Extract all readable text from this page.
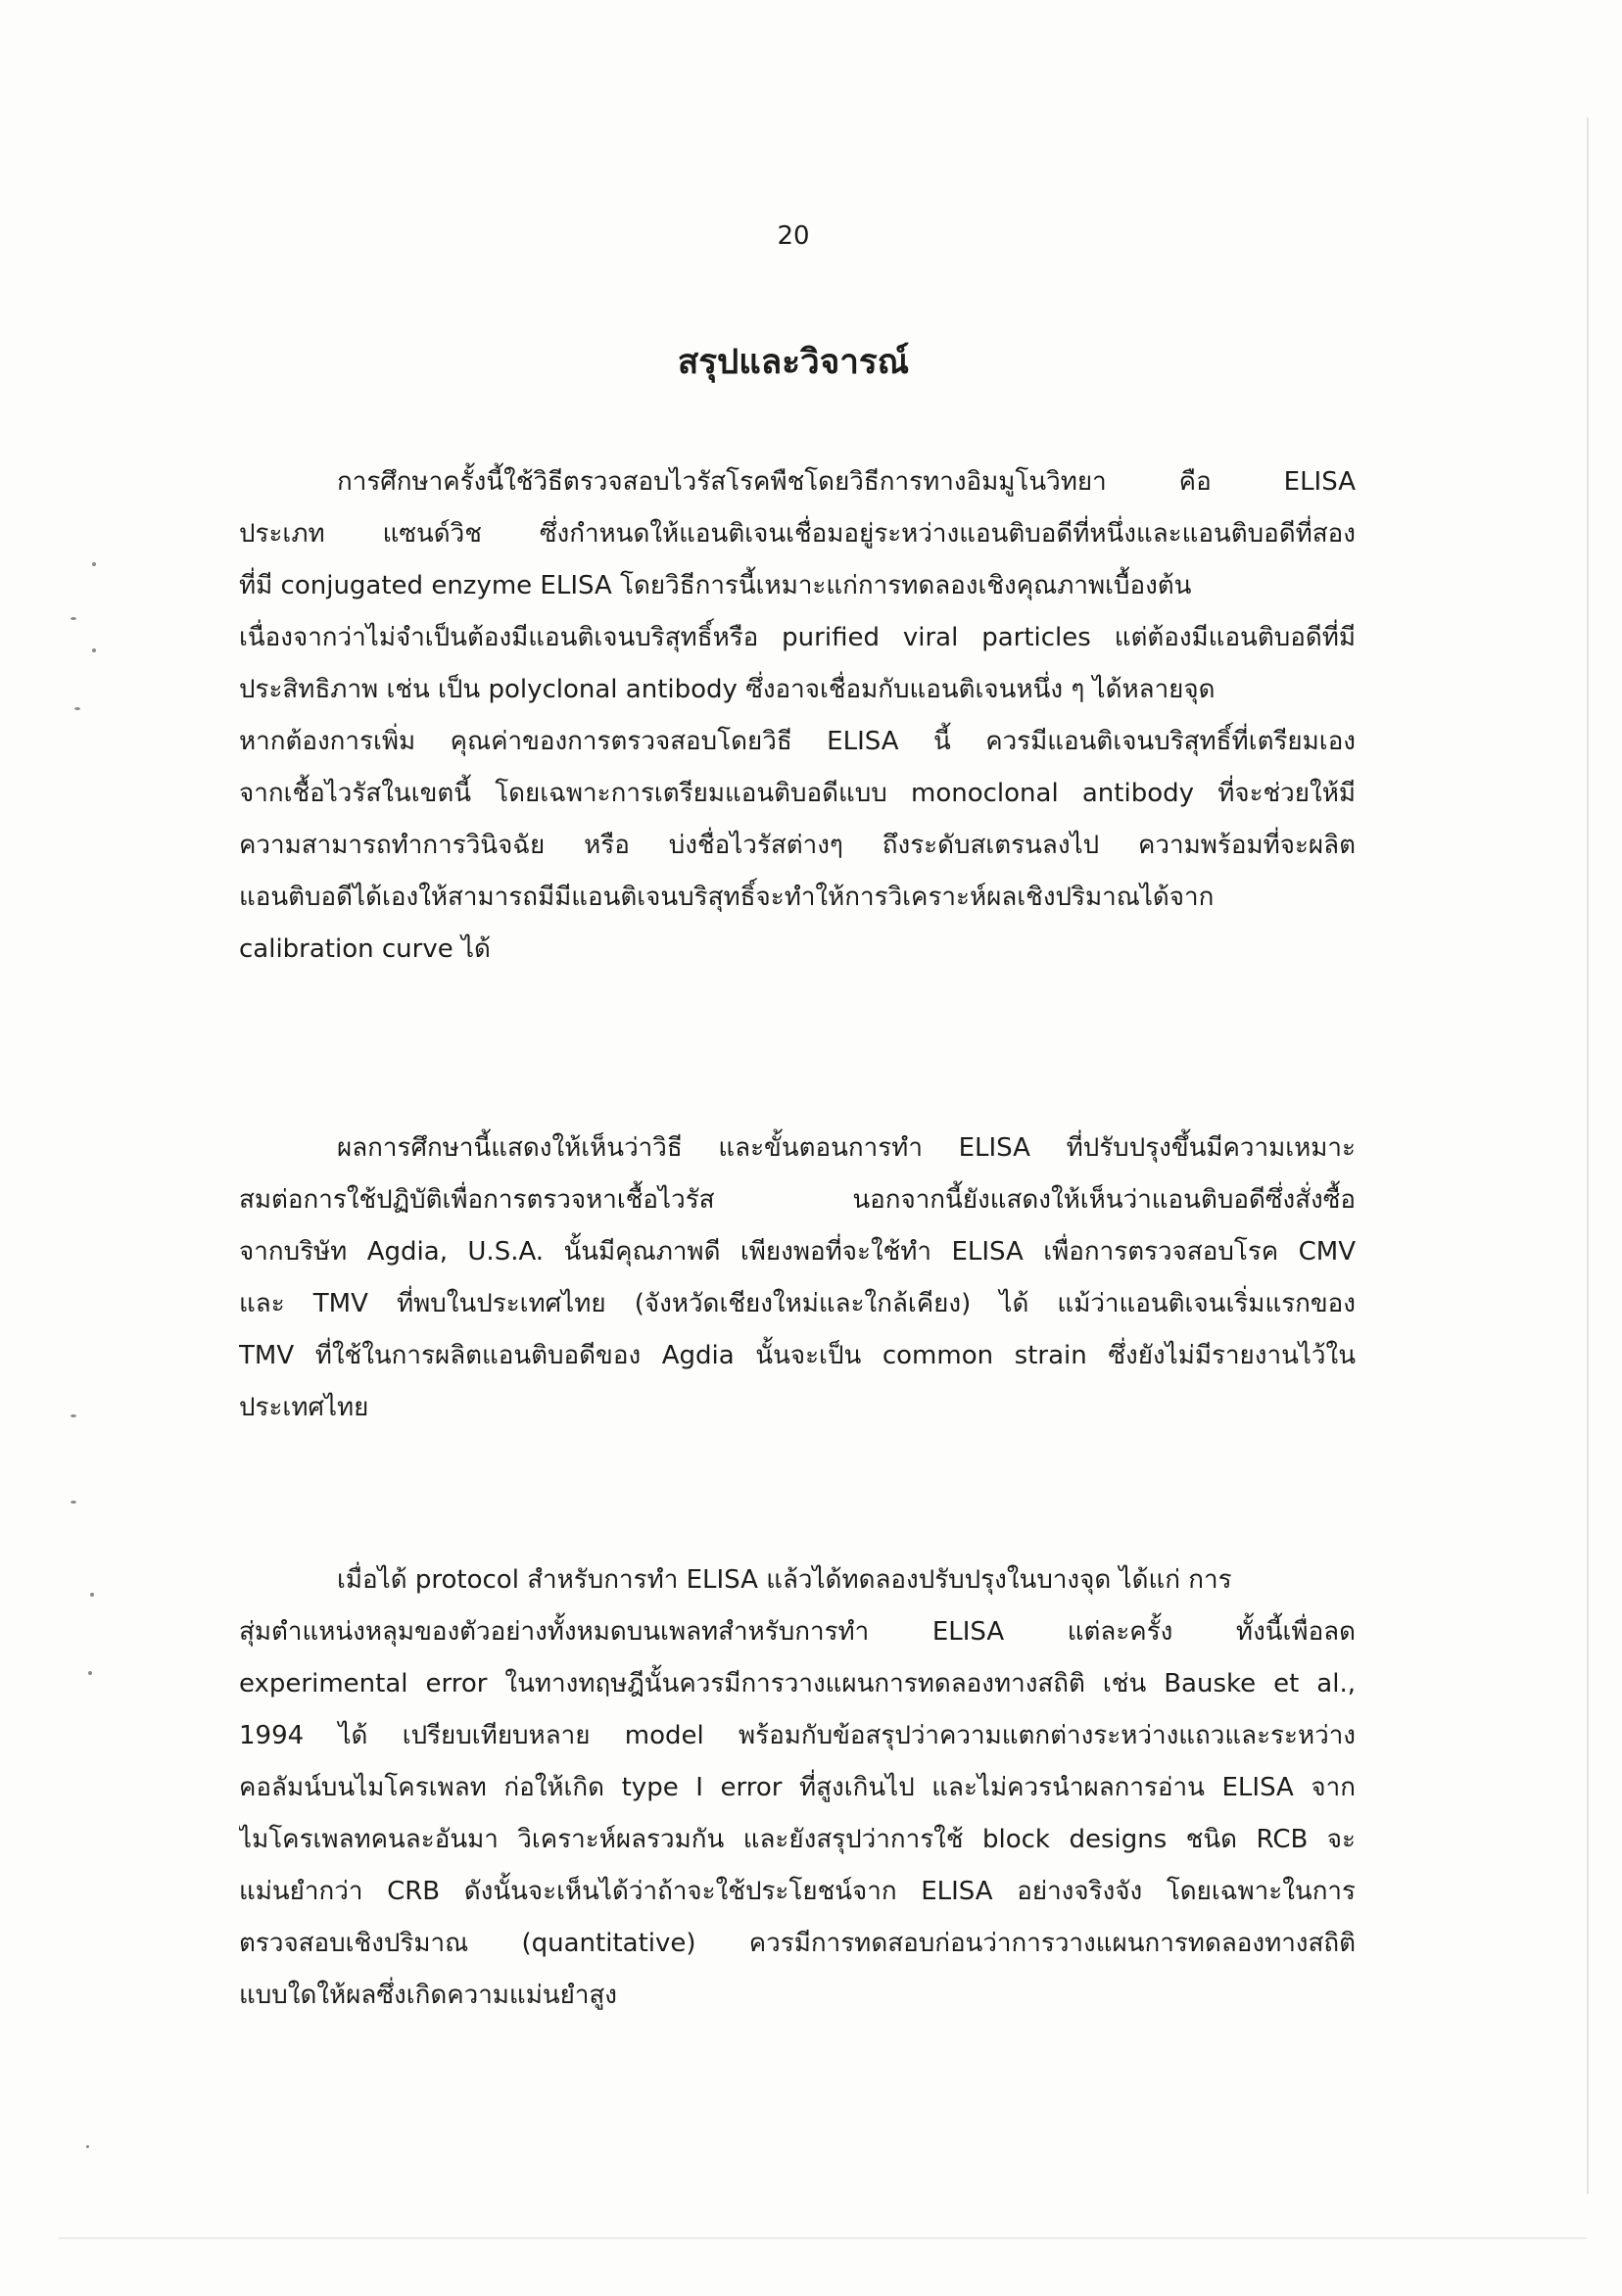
20
สรุปและวิจารณ์
การศึกษาครั้งนี้ใช้วิธีตรวจสอบไวรัสโรคพืชโดยวิธีการทางอิมมูโนวิทยา คือ ELISA
ประเภท แซนด์วิช ซึ่งกำหนดให้แอนติเจนเชื่อมอยู่ระหว่างแอนติบอดีที่หนึ่งและแอนติบอดีที่สอง
ที่มี conjugated enzyme ELISA โดยวิธีการนี้เหมาะแก่การทดลองเชิงคุณภาพเบื้องต้น
เนื่องจากว่าไม่จำเป็นต้องมีแอนติเจนบริสุทธิ์หรือ purified viral particles แต่ต้องมีแอนติบอดีที่มี
ประสิทธิภาพ เช่น เป็น polyclonal antibody ซึ่งอาจเชื่อมกับแอนติเจนหนึ่ง ๆ ได้หลายจุด
หากต้องการเพิ่ม คุณค่าของการตรวจสอบโดยวิธี ELISA นี้ ควรมีแอนติเจนบริสุทธิ์ที่เตรียมเอง
จากเชื้อไวรัสในเขตนี้ โดยเฉพาะการเตรียมแอนติบอดีแบบ monoclonal antibody ที่จะช่วยให้มี
ความสามารถทำการวินิจฉัย หรือ บ่งชื่อไวรัสต่างๆ ถึงระดับสเตรนลงไป ความพร้อมที่จะผลิต
แอนติบอดีได้เองให้สามารถมีมีแอนติเจนบริสุทธิ์จะทำให้การวิเคราะห์ผลเชิงปริมาณได้จาก
calibration curve ได้
ผลการศึกษานี้แสดงให้เห็นว่าวิธี และขั้นตอนการทำ ELISA ที่ปรับปรุงขึ้นมีความเหมาะ
สมต่อการใช้ปฏิบัติเพื่อการตรวจหาเชื้อไวรัส นอกจากนี้ยังแสดงให้เห็นว่าแอนติบอดีซึ่งสั่งซื้อ
จากบริษัท Agdia, U.S.A. นั้นมีคุณภาพดี เพียงพอที่จะใช้ทำ ELISA เพื่อการตรวจสอบโรค CMV
และ TMV ที่พบในประเทศไทย (จังหวัดเชียงใหม่และใกล้เคียง) ได้ แม้ว่าแอนติเจนเริ่มแรกของ
TMV ที่ใช้ในการผลิตแอนติบอดีของ Agdia นั้นจะเป็น common strain ซึ่งยังไม่มีรายงานไว้ใน
ประเทศไทย
เมื่อได้ protocol สำหรับการทำ ELISA แล้วได้ทดลองปรับปรุงในบางจุด ได้แก่ การ
สุ่มตำแหน่งหลุมของตัวอย่างทั้งหมดบนเพลทสำหรับการทำ ELISA แต่ละครั้ง ทั้งนี้เพื่อลด
experimental error ในทางทฤษฎีนั้นควรมีการวางแผนการทดลองทางสถิติ เช่น Bauske et al.,
1994 ได้ เปรียบเทียบหลาย model พร้อมกับข้อสรุปว่าความแตกต่างระหว่างแถวและระหว่าง
คอลัมน์บนไมโครเพลท ก่อให้เกิด type I error ที่สูงเกินไป และไม่ควรนำผลการอ่าน ELISA จาก
ไมโครเพลทคนละอันมา วิเคราะห์ผลรวมกัน และยังสรุปว่าการใช้ block designs ชนิด RCB จะ
แม่นยำกว่า CRB ดังนั้นจะเห็นได้ว่าถ้าจะใช้ประโยชน์จาก ELISA อย่างจริงจัง โดยเฉพาะในการ
ตรวจสอบเชิงปริมาณ (quantitative) ควรมีการทดสอบก่อนว่าการวางแผนการทดลองทางสถิติ
แบบใดให้ผลซึ่งเกิดความแม่นยำสูง
